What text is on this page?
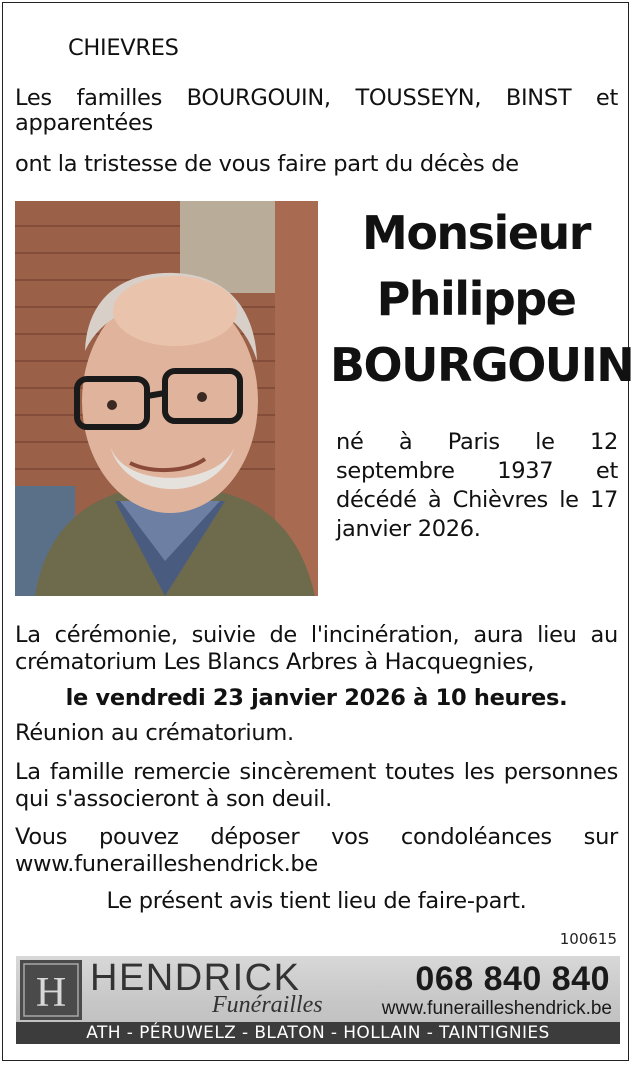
CHIEVRES
Les familles BOURGOUIN, TOUSSEYN, BINST et apparentées
ont la tristesse de vous faire part du décès de
Monsieur
Philippe
BOURGOUIN
né à Paris le 12 septembre 1937 et décédé à Chièvres le 17 janvier 2026.
La cérémonie, suivie de l'incinération, aura lieu au crématorium Les Blancs Arbres à Hacquegnies,
le vendredi 23 janvier 2026 à 10 heures.
Réunion au crématorium.
La famille remercie sincèrement toutes les personnes qui s'associeront à son deuil.
Vous pouvez déposer vos condoléances sur www.funerailleshendrick.be
Le présent avis tient lieu de faire-part.
100615
H HENDRICK
Funérailles
068 840 840
www.funerailleshendrick.be
ATH - PÉRUWELZ - BLATON - HOLLAIN - TAINTIGNIES
